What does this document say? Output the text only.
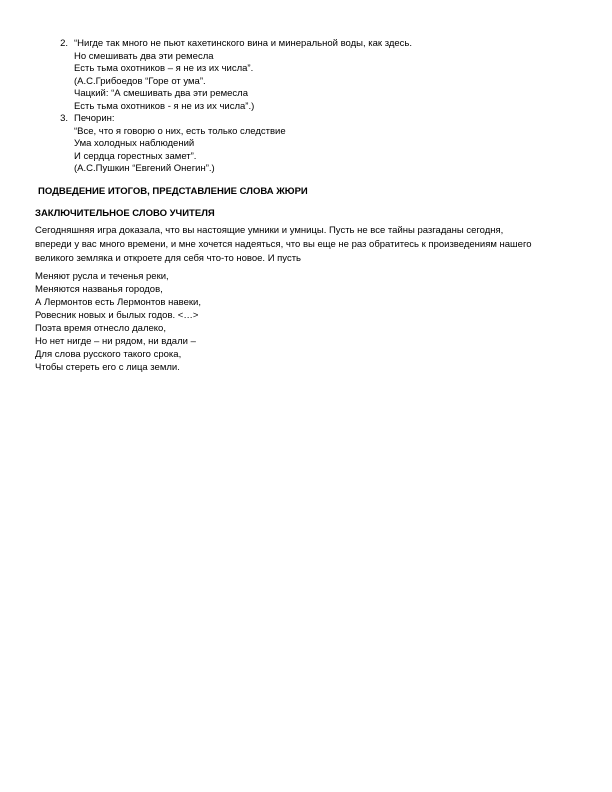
2. “Нигде так много не пьют кахетинского вина и минеральной воды, как здесь.
Но смешивать два эти ремесла
Есть тьма охотников – я не из их числа”.
(А.С.Грибоедов “Горе от ума”.
Чацкий: “А смешивать два эти ремесла
Есть тьма охотников - я не из их числа”.)
3. Печорин:
“Все, что я говорю о них, есть только следствие
Ума холодных наблюдений
И сердца горестных замет”.
(А.С.Пушкин “Евгений Онегин”.)
ПОДВЕДЕНИЕ ИТОГОВ, ПРЕДСТАВЛЕНИЕ СЛОВА ЖЮРИ
ЗАКЛЮЧИТЕЛЬНОЕ СЛОВО УЧИТЕЛЯ
Сегодняшняя игра доказала, что вы настоящие умники и умницы. Пусть не все тайны разгаданы сегодня,
впереди у вас много времени, и мне хочется надеяться, что вы еще не раз обратитесь к произведениям нашего
великого земляка и откроете для себя что-то новое. И пусть
Меняют русла и теченья реки,
Меняются названья городов,
А Лермонтов есть Лермонтов навеки,
Ровесник новых и былых годов. <…>
Поэта время отнесло далеко,
Но нет нигде – ни рядом, ни вдали –
Для слова русского такого срока,
Чтобы стереть его с лица земли.
